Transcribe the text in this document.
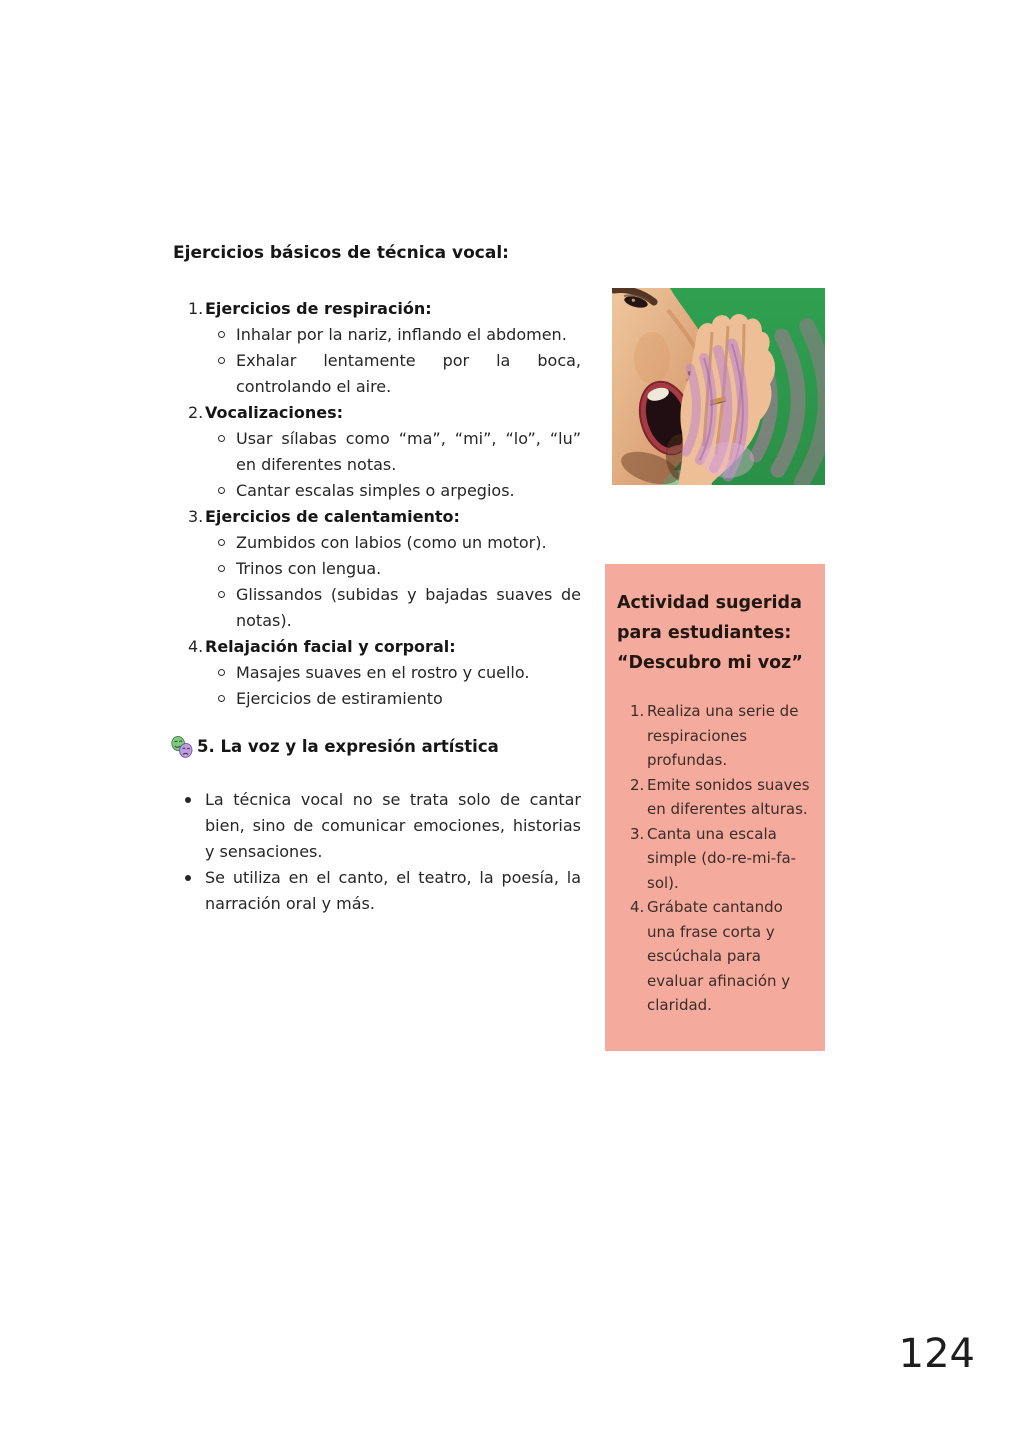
Ejercicios básicos de técnica vocal:
1. Ejercicios de respiración:
Inhalar por la nariz, inflando el abdomen.
Exhalar lentamente por la boca, controlando el aire.
2. Vocalizaciones:
Usar sílabas como “ma”, “mi”, “lo”, “lu” en diferentes notas.
Cantar escalas simples o arpegios.
3. Ejercicios de calentamiento:
Zumbidos con labios (como un motor).
Trinos con lengua.
Glissandos (subidas y bajadas suaves de notas).
4. Relajación facial y corporal:
Masajes suaves en el rostro y cuello.
Ejercicios de estiramiento
5. La voz y la expresión artística
La técnica vocal no se trata solo de cantar bien, sino de comunicar emociones, historias y sensaciones.
Se utiliza en el canto, el teatro, la poesía, la narración oral y más.
Actividad sugerida
para estudiantes:
“Descubro mi voz”
1. Realiza una serie de respiraciones profundas.
2. Emite sonidos suaves en diferentes alturas.
3. Canta una escala simple (do-re-mi-fa-sol).
4. Grábate cantando una frase corta y escúchala para evaluar afinación y claridad.
124
